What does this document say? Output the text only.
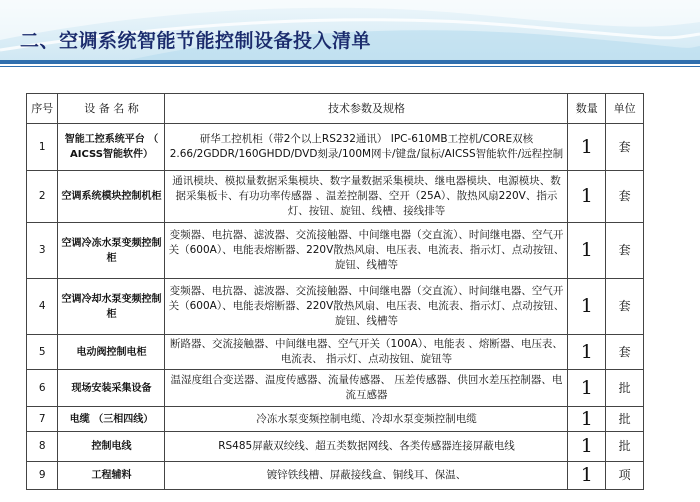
二、空调系统智能节能控制设备投入清单
序号	设 备 名 称	技术参数及规格	数量	单位
1	智能工控系统平台 （ AICSS智能软件）	研华工控机柜（带2个以上RS232通讯） IPC-610MB工控机/CORE双核 2.66/2GDDR/160GHDD/DVD刻录/100M网卡/键盘/鼠标/AICSS智能软件/远程控制	1	套
2	空调系统模块控制机柜	通讯模块、模拟量数据采集模块、数字量数据采集模块、继电器模块、电源模块、数据采集板卡、有功功率传感器 、温差控制器、空开（25A）、散热风扇220V、指示灯、按钮、旋钮、线槽、接线排等	1	套
3	空调冷冻水泵变频控制柜	变频器、电抗器、滤波器、交流接触器、中间继电器（交直流）、时间继电器、空气开关（600A）、电能表熔断器、220V散热风扇、电压表、电流表、指示灯、点动按钮、旋钮、线槽等	1	套
4	空调冷却水泵变频控制柜	变频器、电抗器、滤波器、交流接触器、中间继电器（交直流）、时间继电器、空气开关（600A）、电能表熔断器、220V散热风扇、电压表、电流表、指示灯、点动按钮、旋钮、线槽等	1	套
5	电动阀控制电柜	断路器、交流接触器、中间继电器、空气开关（100A）、电能表 、熔断器、电压表、电流表、 指示灯、点动按钮、旋钮等	1	套
6	现场安装采集设备	温湿度组合变送器、温度传感器、流量传感器、 压差传感器、供回水差压控制器、电流互感器	1	批
7	电缆 （三相四线）	冷冻水泵变频控制电缆、冷却水泵变频控制电缆	1	批
8	控制电线	RS485屏蔽双绞线、超五类数据网线、各类传感器连接屏蔽电线	1	批
9	工程辅料	镀锌铁线槽、屏蔽接线盒、铜线耳、保温、	1	项
